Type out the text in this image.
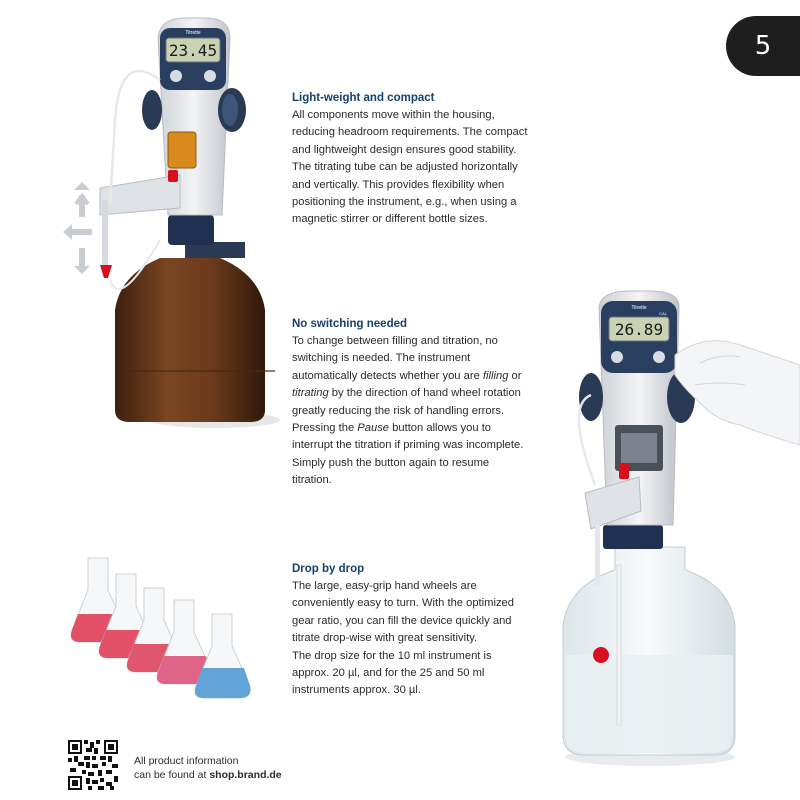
5
23.45
Titrette
26.89
Titrette
CAL

Light-weight and compact

All components move within the housing, reducing headroom requirements. The compact and lightweight design ensures good stability. The titrating tube can be adjusted horizontally and vertically. This provides flexibility when positioning the instrument, e.g., when using a magnetic stirrer or different bottle sizes.

No switching needed

To change between filling and titration, no switching is needed. The instrument automatically detects whether you are filling or titrating by the direction of hand wheel rotation greatly reducing the risk of handling errors. Pressing the Pause button allows you to interrupt the titration if priming was incomplete. Simply push the button again to resume titration.

Drop by drop

The large, easy-grip hand wheels are conveniently easy to turn. With the optimized gear ratio, you can fill the device quickly and titrate drop-wise with great sensitivity.

The drop size for the 10 ml instrument is approx. 20 µl, and for the 25 and 50 ml instruments approx. 30 µl.

All product information
can be found at shop.brand.de
